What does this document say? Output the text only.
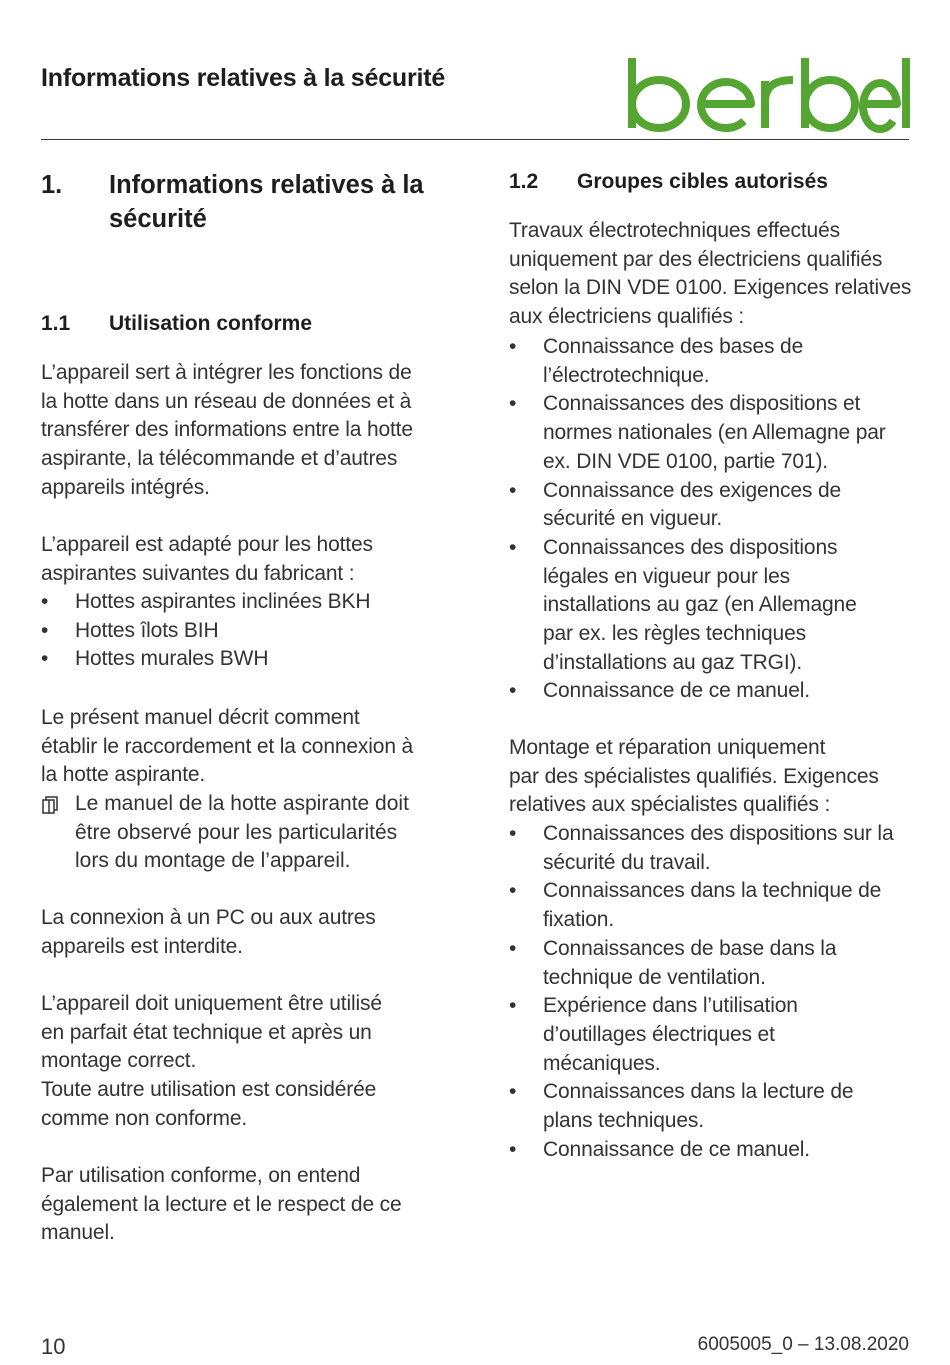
Informations relatives à la sécurité
1. Informations relatives à la
sécurité
1.1 Utilisation conforme
L’appareil sert à intégrer les fonctions de
la hotte dans un réseau de données et à
transférer des informations entre la hotte
aspirante, la télécommande et d’autres
appareils intégrés.
L’appareil est adapté pour les hottes
aspirantes suivantes du fabricant :
•	Hottes aspirantes inclinées BKH
•	Hottes îlots BIH
•	Hottes murales BWH
Le présent manuel décrit comment
établir le raccordement et la connexion à
la hotte aspirante.
Le manuel de la hotte aspirante doit
être observé pour les particularités
lors du montage de l’appareil.
La connexion à un PC ou aux autres
appareils est interdite.
L’appareil doit uniquement être utilisé
en parfait état technique et après un
montage correct.
Toute autre utilisation est considérée
comme non conforme.
Par utilisation conforme, on entend
également la lecture et le respect de ce
manuel.
1.2 Groupes cibles autorisés
Travaux électrotechniques effectués
uniquement par des électriciens qualifiés
selon la DIN VDE 0100. Exigences relatives
aux électriciens qualifiés :
•	Connaissance des bases de
l’électrotechnique.
•	Connaissances des dispositions et
normes nationales (en Allemagne par
ex. DIN VDE 0100, partie 701).
•	Connaissance des exigences de
sécurité en vigueur.
•	Connaissances des dispositions
légales en vigueur pour les
installations au gaz (en Allemagne
par ex. les règles techniques
d’installations au gaz TRGI).
•	Connaissance de ce manuel.
Montage et réparation uniquement
par des spécialistes qualifiés. Exigences
relatives aux spécialistes qualifiés :
•	Connaissances des dispositions sur la
sécurité du travail.
•	Connaissances dans la technique de
fixation.
•	Connaissances de base dans la
technique de ventilation.
•	Expérience dans l’utilisation
d’outillages électriques et
mécaniques.
•	Connaissances dans la lecture de
plans techniques.
•	Connaissance de ce manuel.
10	6005005_0 – 13.08.2020
